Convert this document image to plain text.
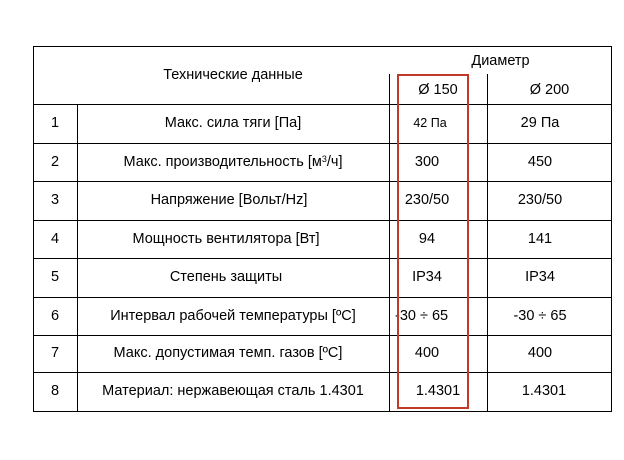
Технические данные
Диаметр
Ø 150	Ø 200
1	Макс. сила тяги [Па]	42 Па	29 Па
2	Макс. производительность [$м^3$ /ч]	300	450
3	Напряжение [Вольт/Hz]	230/50	230/50
4	Мощность вентилятора [Вт]	94	141
5	Степень защиты	IP34	IP34
6	Интервал рабочей температуры [ºC]	-30 ÷ 65	-30 ÷ 65
7	Макс. допустимая темп. газов [ºC]	400	400
8	Материал: нержавеющая сталь 1.4301	1.4301	1.4301
